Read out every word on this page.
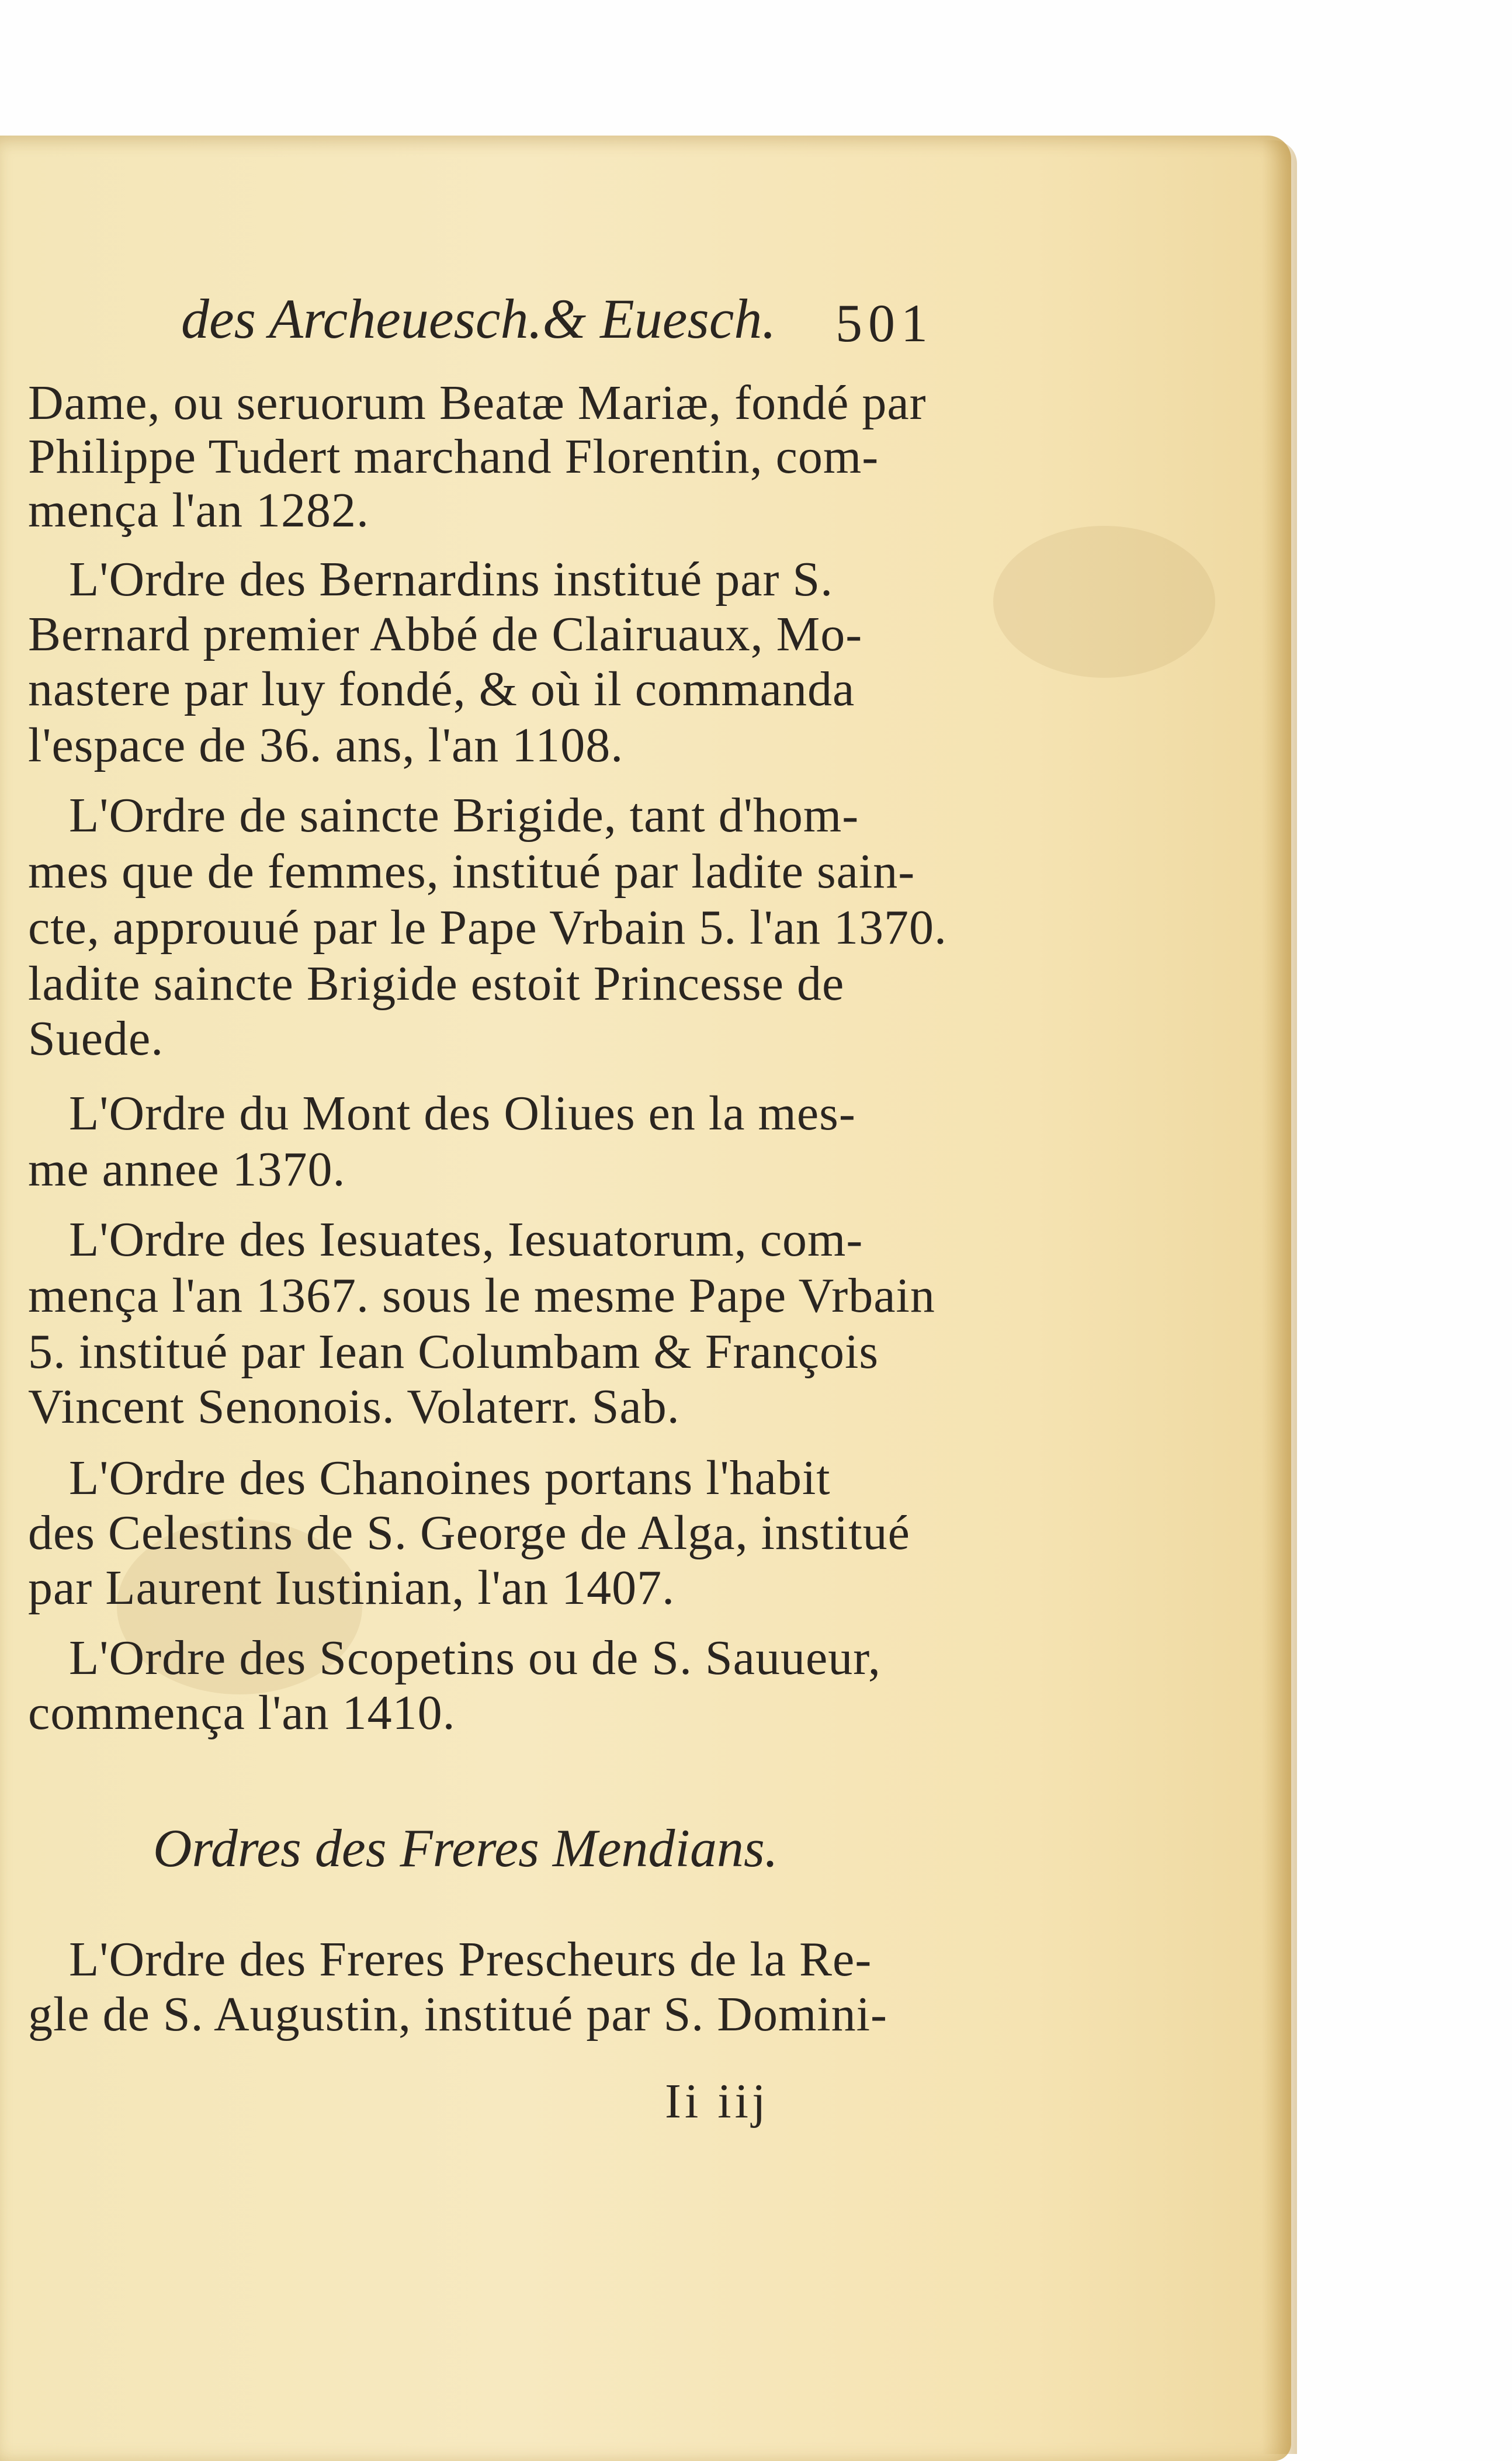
des Archeuesch.& Euesch.	501
Dame, ou seruorum Beatæ Mariæ, fondé par
Philippe Tudert marchand Florentin, com-
mença l'an 1282.
L'Ordre des Bernardins institué par S.
Bernard premier Abbé de Clairuaux, Mo-
nastere par luy fondé, & où il commanda
l'espace de 36. ans, l'an 1108.
L'Ordre de saincte Brigide, tant d'hom-
mes que de femmes, institué par ladite sain-
cte, approuué par le Pape Vrbain 5. l'an 1370.
ladite saincte Brigide estoit Princesse de
Suede.
L'Ordre du Mont des Oliues en la mes-
me annee 1370.
L'Ordre des Iesuates, Iesuatorum, com-
mença l'an 1367. sous le mesme Pape Vrbain
5. institué par Iean Columbam & François
Vincent Senonois. Volaterr. Sab.
L'Ordre des Chanoines portans l'habit
des Celestins de S. George de Alga, institué
par Laurent Iustinian, l'an 1407.
L'Ordre des Scopetins ou de S. Sauueur,
commença l'an 1410.
Ordres des Freres Mendians.
L'Ordre des Freres Prescheurs de la Re-
gle de S. Augustin, institué par S. Domini-
Ii iij
